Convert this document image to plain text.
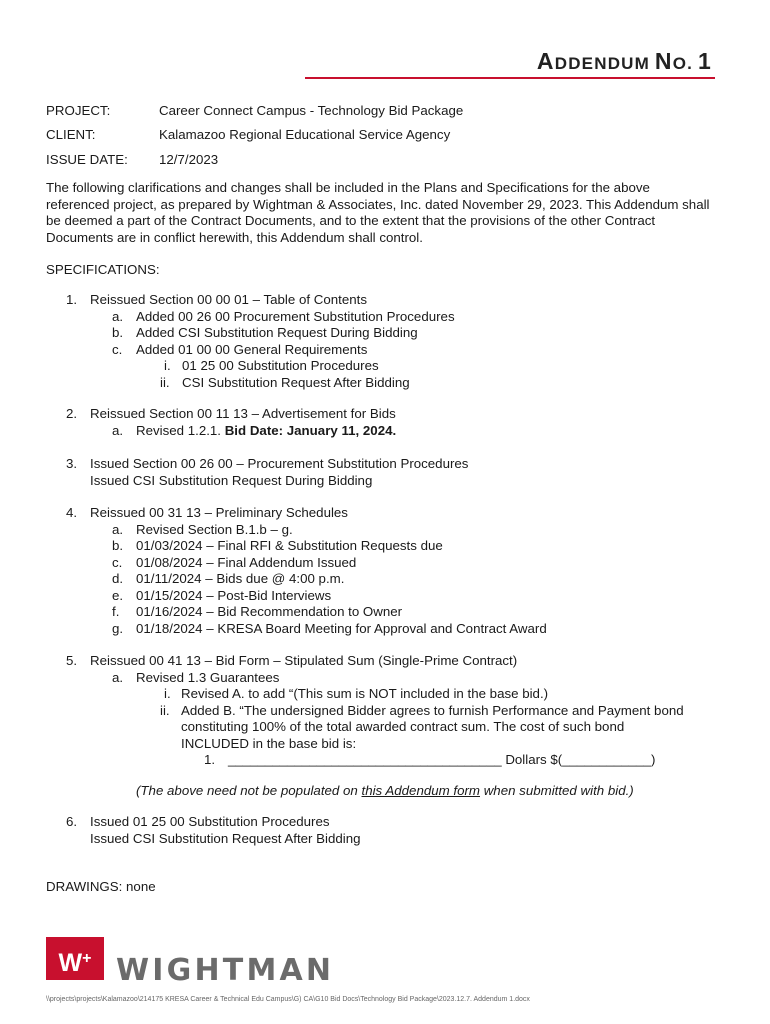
ADDENDUM NO. 1
PROJECT:	Career Connect Campus - Technology Bid Package
CLIENT:	Kalamazoo Regional Educational Service Agency
ISSUE DATE:	12/7/2023
The following clarifications and changes shall be included in the Plans and Specifications for the above referenced project, as prepared by Wightman & Associates, Inc. dated November 29, 2023. This Addendum shall be deemed a part of the Contract Documents, and to the extent that the provisions of the other Contract Documents are in conflict herewith, this Addendum shall control.
SPECIFICATIONS:
1. Reissued Section 00 00 01 – Table of Contents
a. Added 00 26 00 Procurement Substitution Procedures
b. Added CSI Substitution Request During Bidding
c. Added 01 00 00 General Requirements
i. 01 25 00 Substitution Procedures
ii. CSI Substitution Request After Bidding
2. Reissued Section 00 11 13 – Advertisement for Bids
a. Revised 1.2.1. Bid Date: January 11, 2024.
3. Issued Section 00 26 00 – Procurement Substitution Procedures
Issued CSI Substitution Request During Bidding
4. Reissued 00 31 13 – Preliminary Schedules
a. Revised Section B.1.b – g.
b. 01/03/2024 – Final RFI & Substitution Requests due
c. 01/08/2024 – Final Addendum Issued
d. 01/11/2024 – Bids due @ 4:00 p.m.
e. 01/15/2024 – Post-Bid Interviews
f. 01/16/2024 – Bid Recommendation to Owner
g. 01/18/2024 – KRESA Board Meeting for Approval and Contract Award
5. Reissued 00 41 13 – Bid Form – Stipulated Sum (Single-Prime Contract)
a. Revised 1.3 Guarantees
i. Revised A. to add “(This sum is NOT included in the base bid.)
ii. Added B. “The undersigned Bidder agrees to furnish Performance and Payment bond
constituting 100% of the total awarded contract sum. The cost of such bond
INCLUDED in the base bid is:
1. _____________________________________ Dollars $(____________)
(The above need not be populated on this Addendum form when submitted with bid.)
6. Issued 01 25 00 Substitution Procedures
Issued CSI Substitution Request After Bidding
DRAWINGS: none
W+ WIGHTMAN
\\projects\projects\Kalamazoo\214175 KRESA Career & Technical Edu Campus\G) CA\G10 Bid Docs\Technology Bid Package\2023.12.7. Addendum 1.docx
